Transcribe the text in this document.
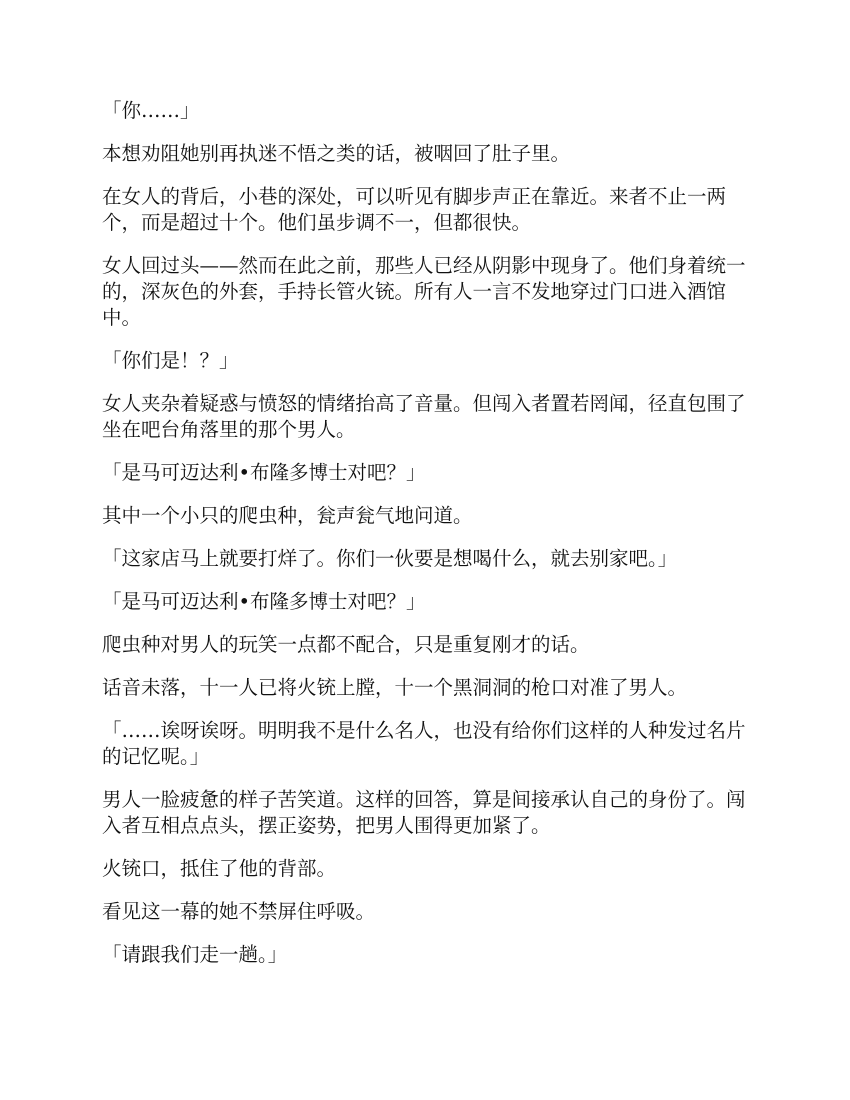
「你……」

本想劝阻她别再执迷不悟之类的话，被咽回了肚子里。

在女人的背后，小巷的深处，可以听见有脚步声正在靠近。来者不止一两个，而是超过十个。他们虽步调不一，但都很快。

女人回过头——然而在此之前，那些人已经从阴影中现身了。他们身着统一的，深灰色的外套，手持长管火铳。所有人一言不发地穿过门口进入酒馆中。

「你们是！？」

女人夹杂着疑惑与愤怒的情绪抬高了音量。但闯入者置若罔闻，径直包围了坐在吧台角落里的那个男人。

「是马可迈达利•布隆多博士对吧？」

其中一个小只的爬虫种，瓮声瓮气地问道。

「这家店马上就要打烊了。你们一伙要是想喝什么，就去别家吧。」

「是马可迈达利•布隆多博士对吧？」

爬虫种对男人的玩笑一点都不配合，只是重复刚才的话。

话音未落，十一人已将火铳上膛，十一个黑洞洞的枪口对准了男人。

「……诶呀诶呀。明明我不是什么名人，也没有给你们这样的人种发过名片的记忆呢。」

男人一脸疲惫的样子苦笑道。这样的回答，算是间接承认自己的身份了。闯入者互相点点头，摆正姿势，把男人围得更加紧了。

火铳口，抵住了他的背部。

看见这一幕的她不禁屏住呼吸。

「请跟我们走一趟。」
